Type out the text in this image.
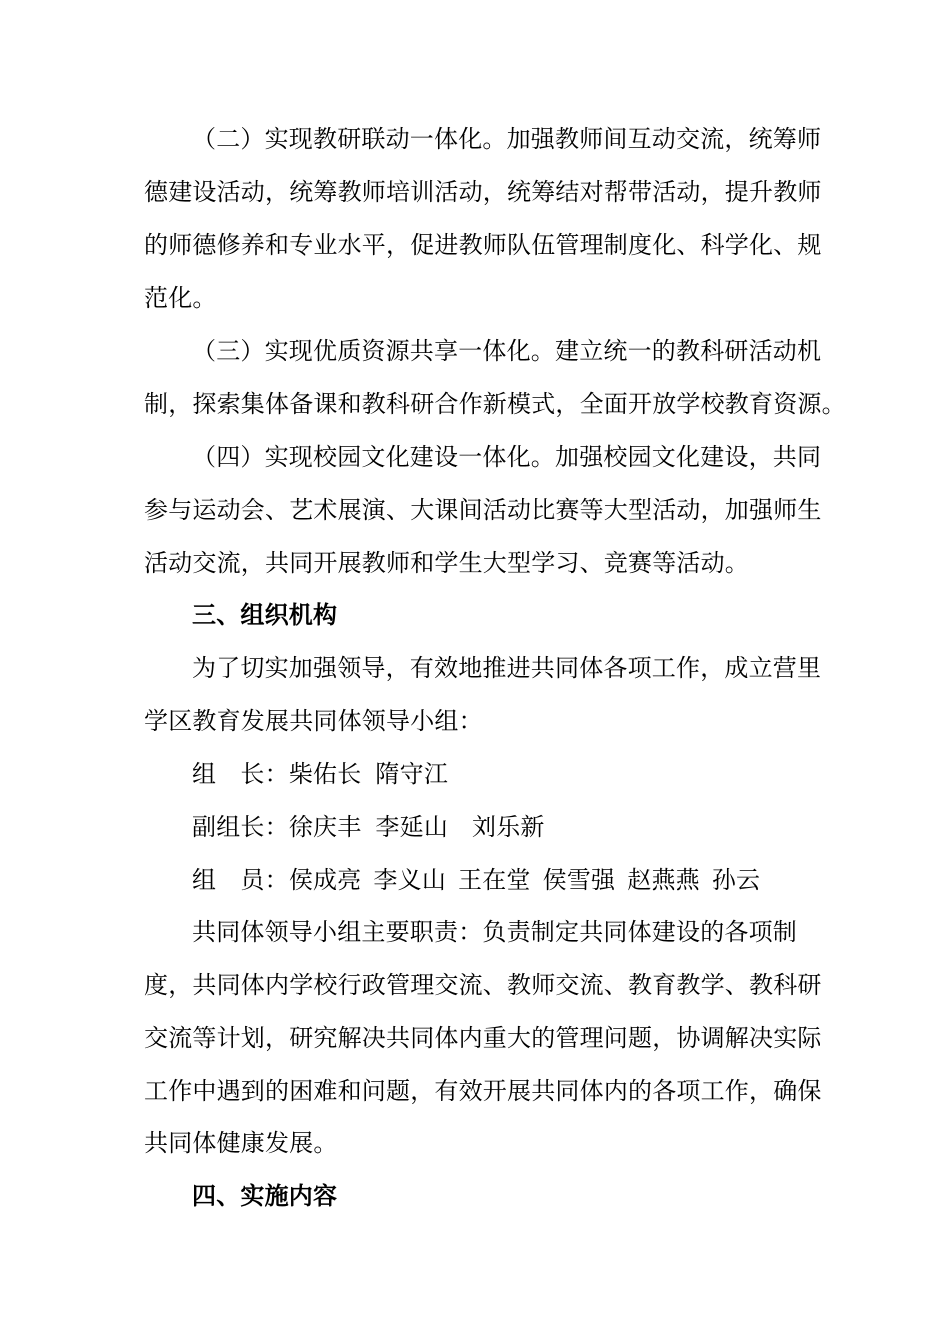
（二）实现教研联动一体化。加强教师间互动交流，统筹师
德建设活动，统筹教师培训活动，统筹结对帮带活动，提升教师
的师德修养和专业水平，促进教师队伍管理制度化、科学化、规
范化。
（三）实现优质资源共享一体化。建立统一的教科研活动机
制，探索集体备课和教科研合作新模式，全面开放学校教育资源。
（四）实现校园文化建设一体化。加强校园文化建设，共同
参与运动会、艺术展演、大课间活动比赛等大型活动，加强师生
活动交流，共同开展教师和学生大型学习、竞赛等活动。
三、组织机构
为了切实加强领导，有效地推进共同体各项工作，成立营里
学区教育发展共同体领导小组：
组　长：柴佑长 隋守江
副组长：徐庆丰 李延山 刘乐新
组　员：侯成亮 李义山 王在堂 侯雪强 赵燕燕 孙云
共同体领导小组主要职责：负责制定共同体建设的各项制
度，共同体内学校行政管理交流、教师交流、教育教学、教科研
交流等计划，研究解决共同体内重大的管理问题，协调解决实际
工作中遇到的困难和问题，有效开展共同体内的各项工作，确保
共同体健康发展。
四、实施内容
